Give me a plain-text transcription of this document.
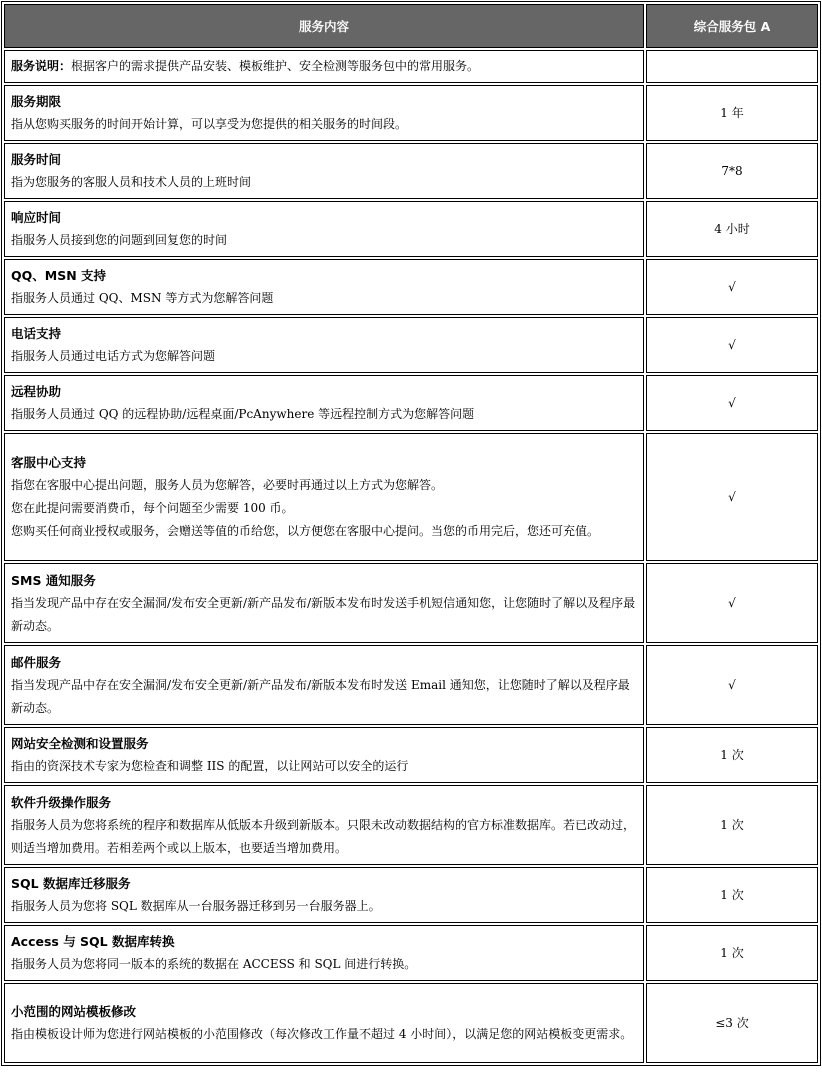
服务内容	综合服务包 A
服务说明：根据客户的需求提供产品安装、模板维护、安全检测等服务包中的常用服务。	

服务期限
指从您购买服务的时间开始计算，可以享受为您提供的相关服务的时间段。	1 年

服务时间
指为您服务的客服人员和技术人员的上班时间	7*8

响应时间
指服务人员接到您的问题到回复您的时间	4 小时

QQ、MSN 支持
指服务人员通过 QQ、MSN 等方式为您解答问题	√

电话支持
指服务人员通过电话方式为您解答问题	√

远程协助
指服务人员通过 QQ 的远程协助/远程桌面/PcAnywhere 等远程控制方式为您解答问题	√

客服中心支持
指您在客服中心提出问题，服务人员为您解答，必要时再通过以上方式为您解答。
您在此提问需要消费币，每个问题至少需要 100 币。
您购买任何商业授权或服务，会赠送等值的币给您，以方便您在客服中心提问。当您的币用完后，您还可充值。	√

SMS 通知服务
指当发现产品中存在安全漏洞/发布安全更新/新产品发布/新版本发布时发送手机短信通知您，让您随时了解以及程序最新动态。	√

邮件服务
指当发现产品中存在安全漏洞/发布安全更新/新产品发布/新版本发布时发送 Email 通知您，让您随时了解以及程序最新动态。	√

网站安全检测和设置服务
指由的资深技术专家为您检查和调整 IIS 的配置，以让网站可以安全的运行	1 次

软件升级操作服务
指服务人员为您将系统的程序和数据库从低版本升级到新版本。只限未改动数据结构的官方标准数据库。若已改动过，则适当增加费用。若相差两个或以上版本，也要适当增加费用。	1 次

SQL 数据库迁移服务
指服务人员为您将 SQL 数据库从一台服务器迁移到另一台服务器上。	1 次

Access 与 SQL 数据库转换
指服务人员为您将同一版本的系统的数据在 ACCESS 和 SQL 间进行转换。	1 次

小范围的网站模板修改
指由模板设计师为您进行网站模板的小范围修改（每次修改工作量不超过 4 小时间），以满足您的网站模板变更需求。	≤3 次
